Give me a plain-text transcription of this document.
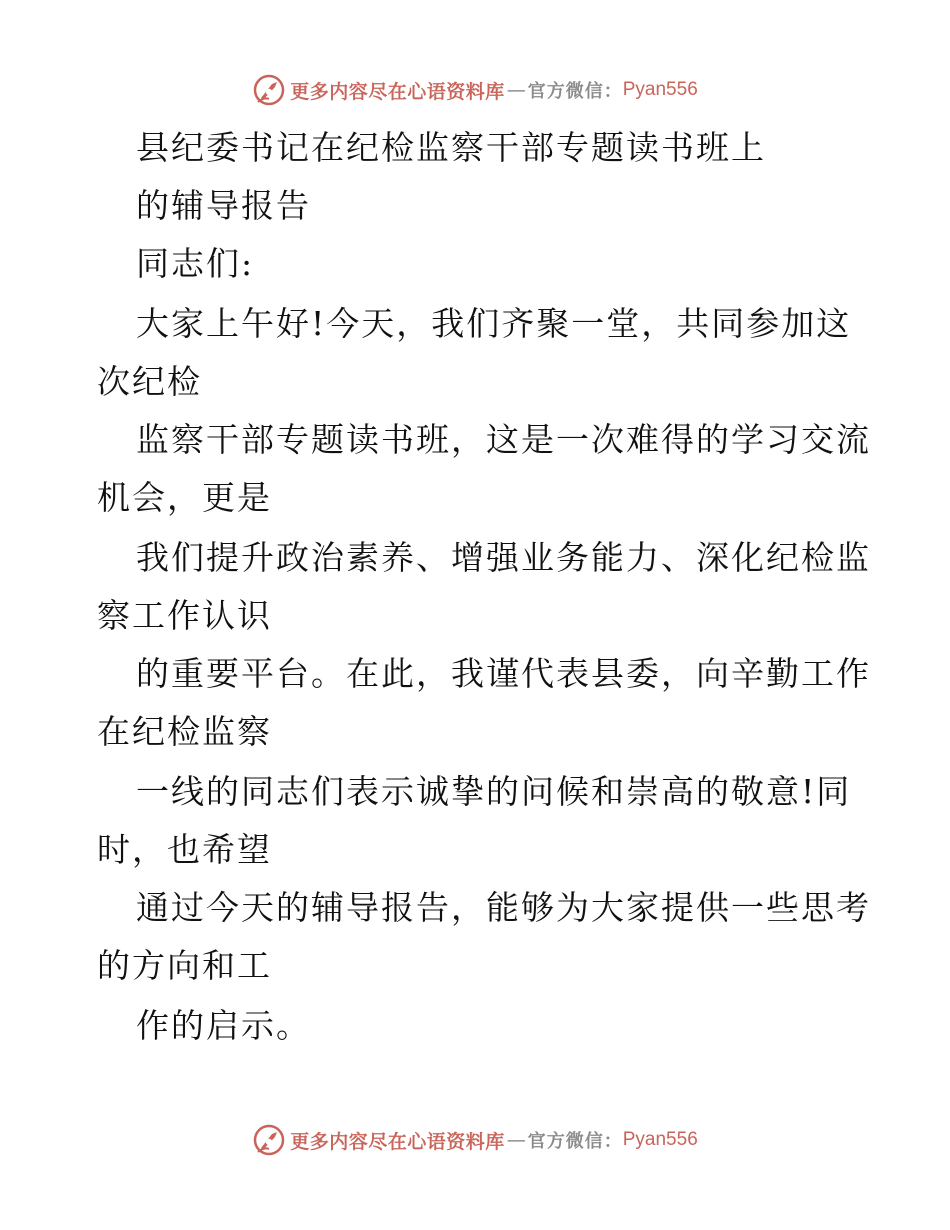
更多内容尽在心语资料库 — 官方微信： Pyan556
县纪委书记在纪检监察干部专题读书班上
的辅导报告
同志们:
大家上午好!今天，我们齐聚一堂，共同参加这
次纪检
监察干部专题读书班，这是一次难得的学习交流
机会，更是
我们提升政治素养、增强业务能力、深化纪检监
察工作认识
的重要平台。在此，我谨代表县委，向辛勤工作
在纪检监察
一线的同志们表示诚挚的问候和崇高的敬意!同
时，也希望
通过今天的辅导报告，能够为大家提供一些思考
的方向和工
作的启示。
更多内容尽在心语资料库 — 官方微信： Pyan556
